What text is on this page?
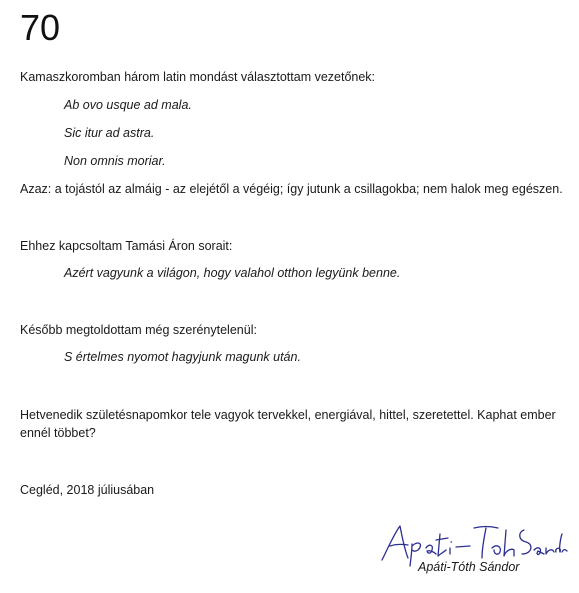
70
Kamaszkoromban három latin mondást választottam vezetőnek:
Ab ovo usque ad mala.
Sic itur ad astra.
Non omnis moriar.
Azaz: a tojástól az almáig - az elejétől a végéig; így jutunk a csillagokba; nem halok meg egészen.
Ehhez kapcsoltam Tamási Áron sorait:
Azért vagyunk a világon, hogy valahol otthon legyünk benne.
Később megtoldottam még szerénytelenül:
S értelmes nyomot hagyjunk magunk után.
Hetvenedik születésnapomkor tele vagyok tervekkel, energiával, hittel, szeretettel. Kaphat ember ennél többet?
Cegléd, 2018 júliusában
Apáti-Tóth Sándor
